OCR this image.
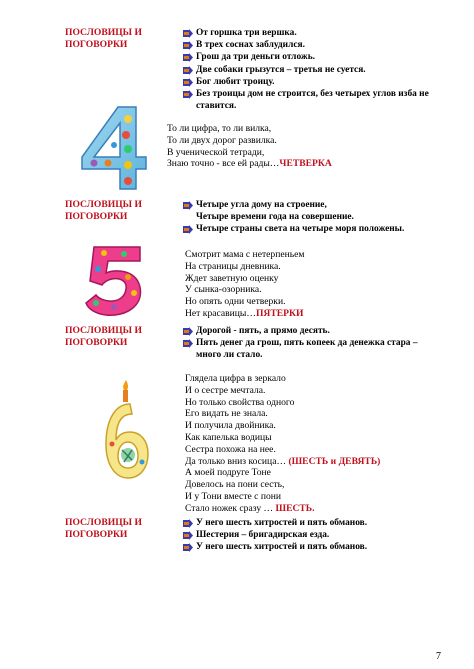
ПОСЛОВИЦЫ И
ПОГОВОРКИ
От горшка три вершка.
В трех соснах заблудился.
Грош да три деньги отложь.
Две собаки грызутся – третья не суется.
Бог любит троицу.
Без троицы дом не строится, без четырех углов изба не
ставится.
То ли цифра, то ли вилка,
То ли двух дорог развилка.
В ученической тетради,
Знаю точно - все ей рады…ЧЕТВЕРКА
ПОСЛОВИЦЫ И
ПОГОВОРКИ
Четыре угла дому на строение,
Четыре времени года на совершение.
Четыре страны света на четыре моря положены.
Смотрит мама с нетерпеньем
На страницы дневника.
Ждет заветную оценку
У сынка-озорника.
Но опять одни четверки.
Нет красавицы…ПЯТЕРКИ
ПОСЛОВИЦЫ И
ПОГОВОРКИ
Дорогой - пять, а прямо десять.
Пять денег да грош, пять копеек да денежка стара –
много ли стало.
Глядела цифра в зеркало
И о сестре мечтала.
Но только свойства одного
Его видать не знала.
И получила двойника.
Как капелька водицы
Сестра похожа на нее.
Да только вниз косица… (ШЕСТЬ и ДЕВЯТЬ)
А моей подруге Тоне
Довелось на пони сесть,
И у Тони вместе с пони
Стало ножек сразу … ШЕСТЬ.
ПОСЛОВИЦЫ И
ПОГОВОРКИ
У него шесть хитростей и пять обманов.
Шестерия – бригадирская езда.
У него шесть хитростей и пять обманов.
7
